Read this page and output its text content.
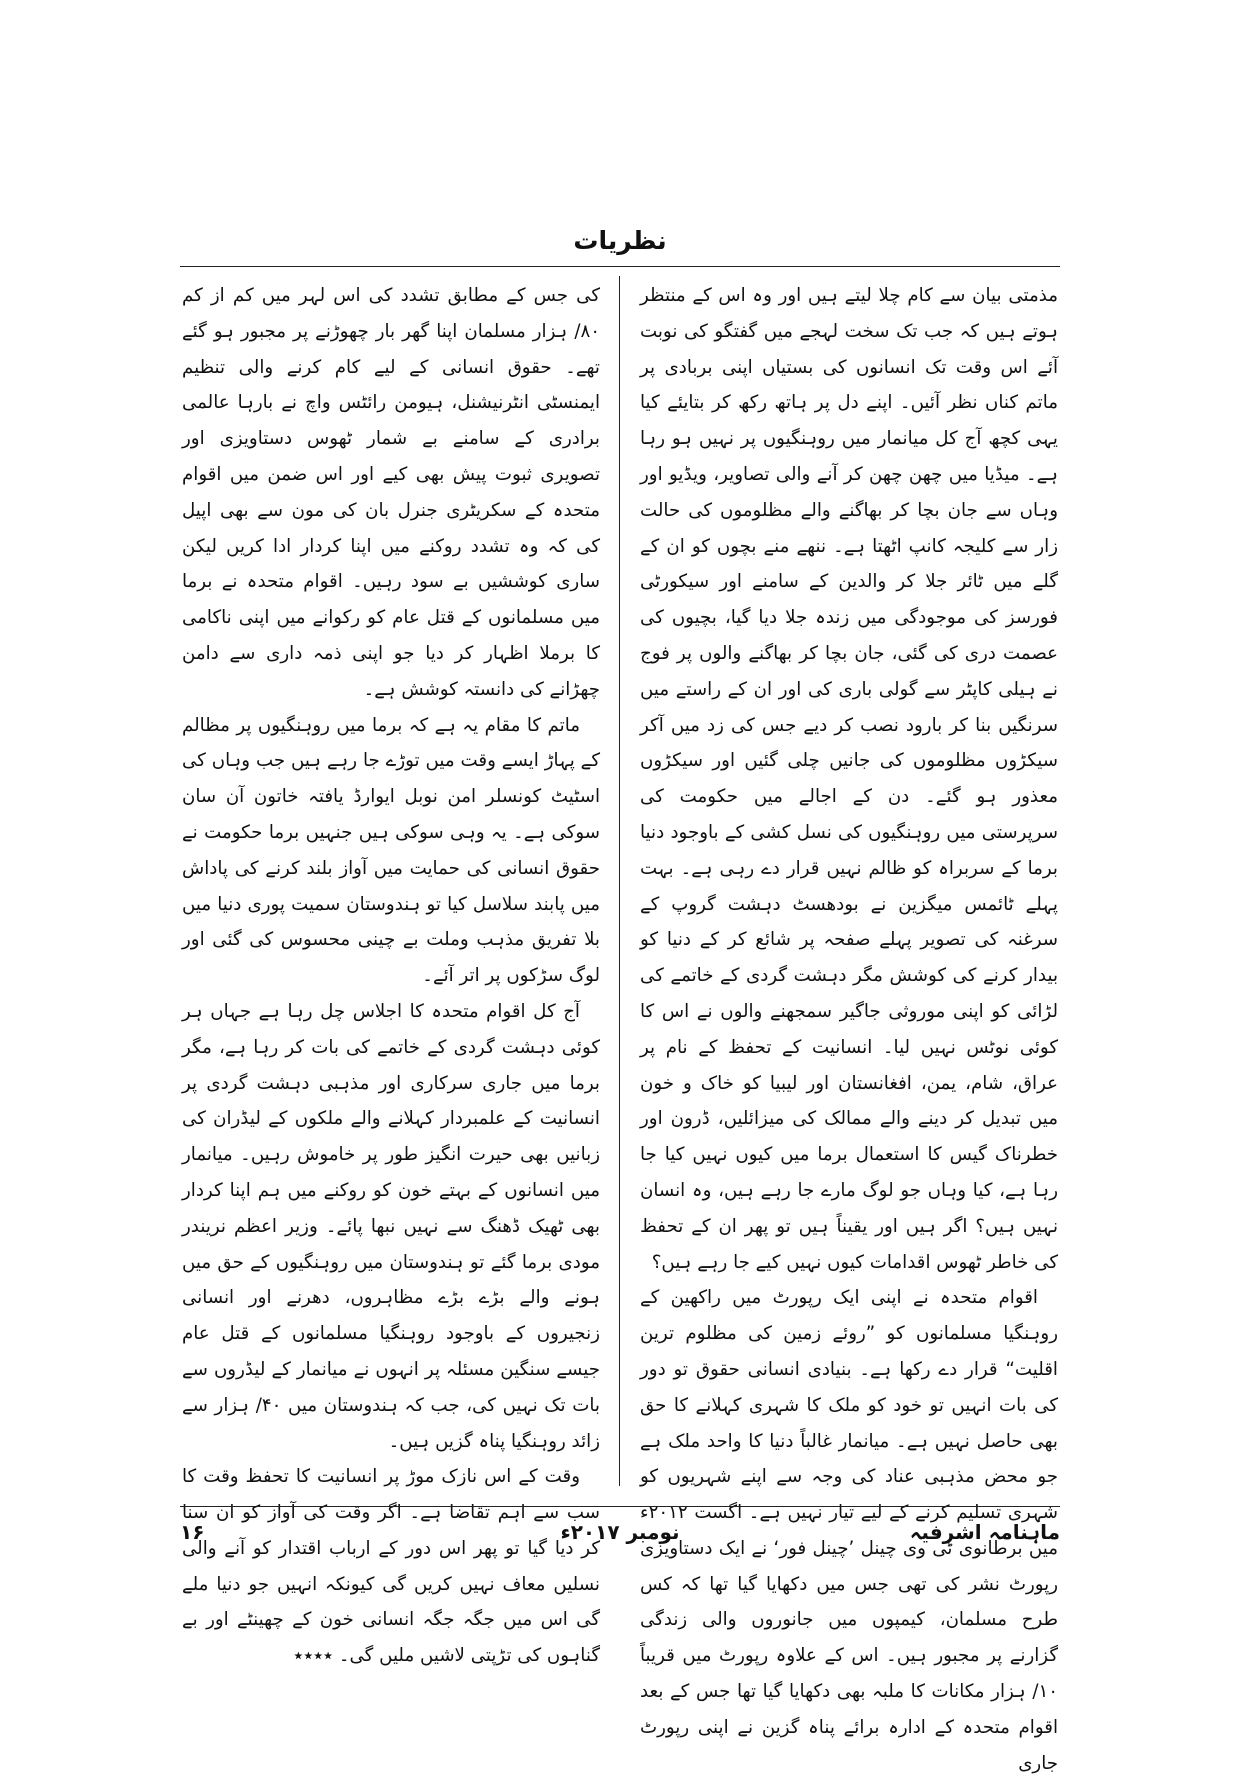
نظریات

مذمتی بیان سے کام چلا لیتے ہیں اور وہ اس کے منتظر ہوتے ہیں کہ جب تک سخت لہجے میں گفتگو کی نوبت آئے اس وقت تک انسانوں کی بستیاں اپنی بربادی پر ماتم کناں نظر آئیں۔ اپنے دل پر ہاتھ رکھ کر بتایئے کیا یہی کچھ آج کل میانمار میں روہنگیوں پر نہیں ہو رہا ہے۔ میڈیا میں چھن چھن کر آنے والی تصاویر، ویڈیو اور وہاں سے جان بچا کر بھاگنے والے مظلوموں کی حالت زار سے کلیجہ کانپ اٹھتا ہے۔ ننھے منے بچوں کو ان کے گلے میں ٹائر جلا کر والدین کے سامنے اور سیکورٹی فورسز کی موجودگی میں زندہ جلا دیا گیا، بچیوں کی عصمت دری کی گئی، جان بچا کر بھاگنے والوں پر فوج نے ہیلی کاپٹر سے گولی باری کی اور ان کے راستے میں سرنگیں بنا کر بارود نصب کر دیے جس کی زد میں آکر سیکڑوں مظلوموں کی جانیں چلی گئیں اور سیکڑوں معذور ہو گئے۔ دن کے اجالے میں حکومت کی سرپرستی میں روہنگیوں کی نسل کشی کے باوجود دنیا برما کے سربراہ کو ظالم نہیں قرار دے رہی ہے۔ بہت پہلے ٹائمس میگزین نے بودھسٹ دہشت گروپ کے سرغنہ کی تصویر پہلے صفحہ پر شائع کر کے دنیا کو بیدار کرنے کی کوشش مگر دہشت گردی کے خاتمے کی لڑائی کو اپنی موروثی جاگیر سمجھنے والوں نے اس کا کوئی نوٹس نہیں لیا۔ انسانیت کے تحفظ کے نام پر عراق، شام، یمن، افغانستان اور لیبیا کو خاک و خون میں تبدیل کر دینے والے ممالک کی میزائلیں، ڈرون اور خطرناک گیس کا استعمال برما میں کیوں نہیں کیا جا رہا ہے، کیا وہاں جو لوگ مارے جا رہے ہیں، وہ انسان نہیں ہیں؟ اگر ہیں اور یقیناً ہیں تو پھر ان کے تحفظ کی خاطر ٹھوس اقدامات کیوں نہیں کیے جا رہے ہیں؟

اقوام متحدہ نے اپنی ایک رپورٹ میں راکھین کے روہنگیا مسلمانوں کو ”روئے زمین کی مظلوم ترین اقلیت“ قرار دے رکھا ہے۔ بنیادی انسانی حقوق تو دور کی بات انہیں تو خود کو ملک کا شہری کہلانے کا حق بھی حاصل نہیں ہے۔ میانمار غالباً دنیا کا واحد ملک ہے جو محض مذہبی عناد کی وجہ سے اپنے شہریوں کو شہری تسلیم کرنے کے لیے تیار نہیں ہے۔ اگست ۲۰۱۲ء میں برطانوی ٹی وی چینل ’چینل فور‘ نے ایک دستاویزی رپورٹ نشر کی تھی جس میں دکھایا گیا تھا کہ کس طرح مسلمان، کیمپوں میں جانوروں والی زندگی گزارنے پر مجبور ہیں۔ اس کے علاوہ رپورٹ میں قریباً ۱۰/ ہزار مکانات کا ملبہ بھی دکھایا گیا تھا جس کے بعد اقوام متحدہ کے ادارہ برائے پناہ گزین نے اپنی رپورٹ جاری

کی جس کے مطابق تشدد کی اس لہر میں کم از کم ۸۰/ ہزار مسلمان اپنا گھر بار چھوڑنے پر مجبور ہو گئے تھے۔ حقوق انسانی کے لیے کام کرنے والی تنظیم ایمنسٹی انٹرنیشنل، ہیومن رائٹس واچ نے بارہا عالمی برادری کے سامنے بے شمار ٹھوس دستاویزی اور تصویری ثبوت پیش بھی کیے اور اس ضمن میں اقوام متحدہ کے سکریٹری جنرل بان کی مون سے بھی اپیل کی کہ وہ تشدد روکنے میں اپنا کردار ادا کریں لیکن ساری کوششیں بے سود رہیں۔ اقوام متحدہ نے برما میں مسلمانوں کے قتل عام کو رکوانے میں اپنی ناکامی کا برملا اظہار کر دیا جو اپنی ذمہ داری سے دامن چھڑانے کی دانستہ کوشش ہے۔

ماتم کا مقام یہ ہے کہ برما میں روہنگیوں پر مظالم کے پہاڑ ایسے وقت میں توڑے جا رہے ہیں جب وہاں کی اسٹیٹ کونسلر امن نوبل ایوارڈ یافتہ خاتون آن سان سوکی ہے۔ یہ وہی سوکی ہیں جنہیں برما حکومت نے حقوق انسانی کی حمایت میں آواز بلند کرنے کی پاداش میں پابند سلاسل کیا تو ہندوستان سمیت پوری دنیا میں بلا تفریق مذہب وملت بے چینی محسوس کی گئی اور لوگ سڑکوں پر اتر آئے۔

آج کل اقوام متحدہ کا اجلاس چل رہا ہے جہاں ہر کوئی دہشت گردی کے خاتمے کی بات کر رہا ہے، مگر برما میں جاری سرکاری اور مذہبی دہشت گردی پر انسانیت کے علمبردار کہلانے والے ملکوں کے لیڈران کی زبانیں بھی حیرت انگیز طور پر خاموش رہیں۔ میانمار میں انسانوں کے بہتے خون کو روکنے میں ہم اپنا کردار بھی ٹھیک ڈھنگ سے نہیں نبھا پائے۔ وزیر اعظم نریندر مودی برما گئے تو ہندوستان میں روہنگیوں کے حق میں ہونے والے بڑے بڑے مظاہروں، دھرنے اور انسانی زنجیروں کے باوجود روہنگیا مسلمانوں کے قتل عام جیسے سنگین مسئلہ پر انہوں نے میانمار کے لیڈروں سے بات تک نہیں کی، جب کہ ہندوستان میں ۴۰/ ہزار سے زائد روہنگیا پناہ گزیں ہیں۔

وقت کے اس نازک موڑ پر انسانیت کا تحفظ وقت کا سب سے اہم تقاضا ہے۔ اگر وقت کی آواز کو ان سنا کر دیا گیا تو پھر اس دور کے ارباب اقتدار کو آنے والی نسلیں معاف نہیں کریں گی کیونکہ انہیں جو دنیا ملے گی اس میں جگہ جگہ انسانی خون کے چھینٹے اور بے گناہوں کی تڑپتی لاشیں ملیں گی۔ ٭٭٭٭

ماہنامہ اشرفیہ
نومبر ۲۰۱۷ء
۱۶
